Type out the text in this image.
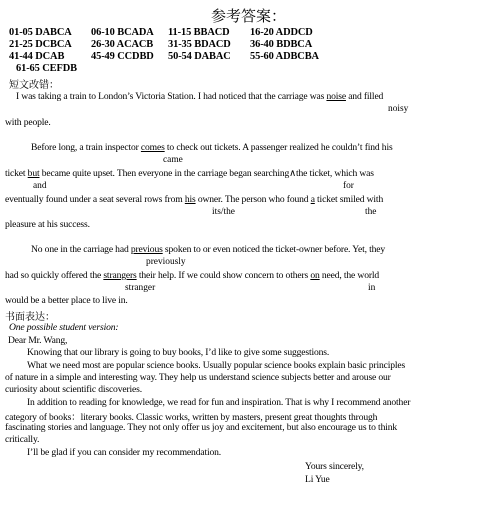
参考答案：
01-05 DABCA 06-10 BCADA 11-15 BBACD 16-20 ADDCD
21-25 DCBCA 26-30 ACACB 31-35 BDACD 36-40 BDBCA
41-44 DCAB	45-49 CCDBD 50-54 DABAC 55-60 ADBCBA
61-65 CEFDB
短文改错：
I was taking a train to London’s Victoria Station. I had noticed that the carriage was noise and filled
noisy
with people.
Before long, a train inspector comes to check out tickets. A passenger realized he couldn’t find his
came
ticket but became quite upset. Then everyone in the carriage began searching∧the ticket, which was
and	for
eventually found under a seat several rows from his owner. The person who found a ticket smiled with
its/the	the
pleasure at his success.
No one in the carriage had previous spoken to or even noticed the ticket-owner before. Yet, they
previously
had so quickly offered the strangers their help. If we could show concern to others on need, the world
stranger	in
would be a better place to live in.
书面表达：
One possible student version:
Dear Mr. Wang,
Knowing that our library is going to buy books, I’d like to give some suggestions.
What we need most are popular science books. Usually popular science books explain basic principles
of nature in a simple and interesting way. They help us understand science subjects better and arouse our
curiosity about scientific discoveries.
In addition to reading for knowledge, we read for fun and inspiration. That is why I recommend another
category of books：literary books. Classic works, written by masters, present great thoughts through
fascinating stories and language. They not only offer us joy and excitement, but also encourage us to think
critically.
I’ll be glad if you can consider my recommendation.
Yours sincerely,
Li Yue
